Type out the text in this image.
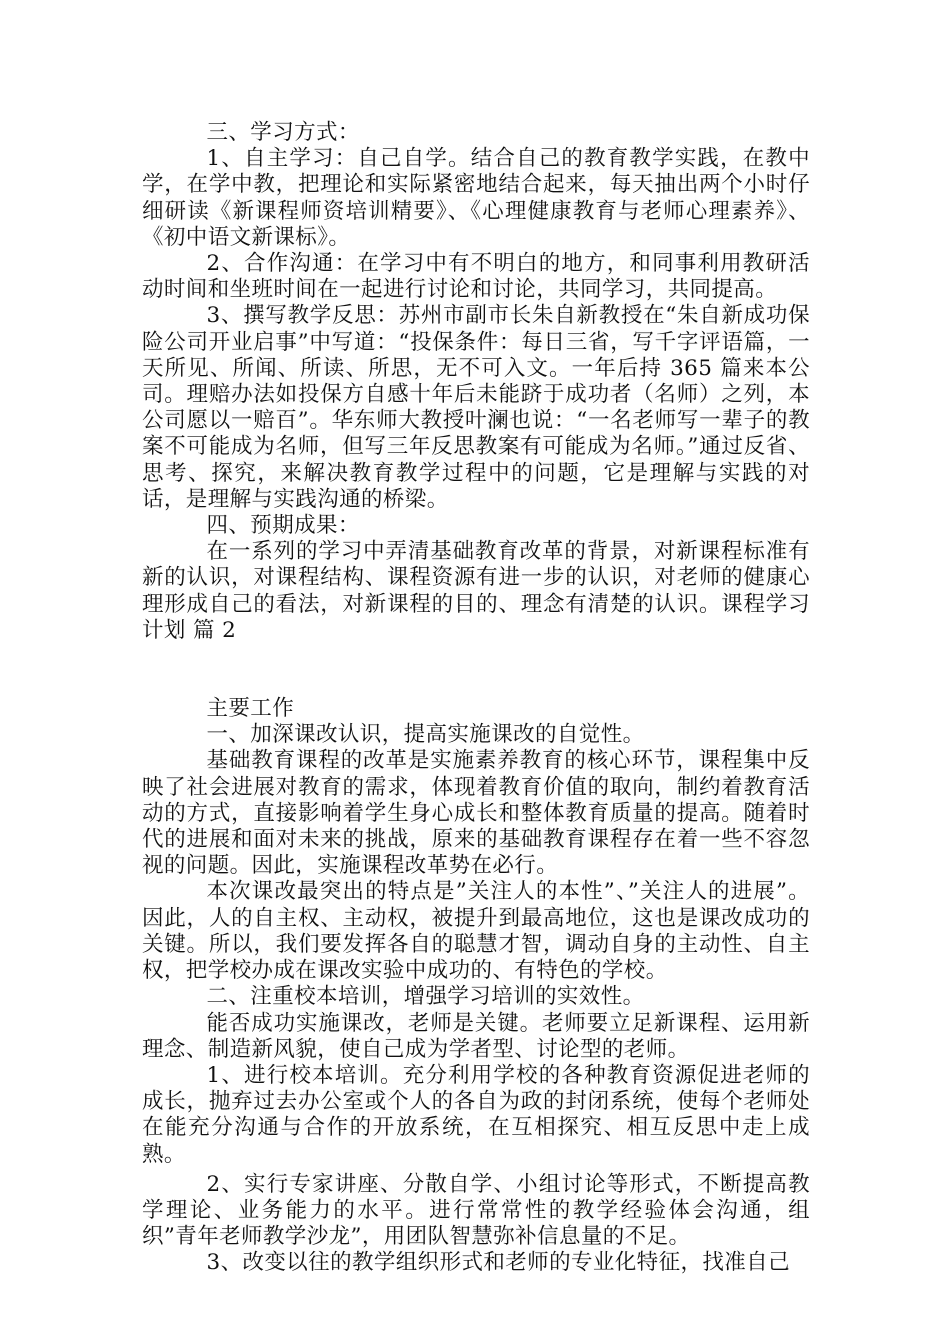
三、学习方式：

1、自主学习：自己自学。结合自己的教育教学实践，在教中学，在学中教，把理论和实际紧密地结合起来，每天抽出两个小时仔细研读《新课程师资培训精要》、《心理健康教育与老师心理素养》、《初中语文新课标》。

2、合作沟通：在学习中有不明白的地方，和同事利用教研活动时间和坐班时间在一起进行讨论和讨论，共同学习，共同提高。

3、撰写教学反思：苏州市副市长朱自新教授在“朱自新成功保险公司开业启事”中写道：“投保条件：每日三省，写千字评语篇，一天所见、所闻、所读、所思，无不可入文。一年后持 365 篇来本公司。理赔办法如投保方自感十年后未能跻于成功者（名师）之列，本公司愿以一赔百”。华东师大教授叶澜也说：“一名老师写一辈子的教案不可能成为名师，但写三年反思教案有可能成为名师。”通过反省、思考、探究，来解决教育教学过程中的问题，它是理解与实践的对话，是理解与实践沟通的桥梁。

四、预期成果：

在一系列的学习中弄清基础教育改革的背景，对新课程标准有新的认识，对课程结构、课程资源有进一步的认识，对老师的健康心理形成自己的看法，对新课程的目的、理念有清楚的认识。课程学习计划 篇 2

主要工作

一、加深课改认识，提高实施课改的自觉性。

基础教育课程的改革是实施素养教育的核心环节，课程集中反映了社会进展对教育的需求，体现着教育价值的取向，制约着教育活动的方式，直接影响着学生身心成长和整体教育质量的提高。随着时代的进展和面对未来的挑战，原来的基础教育课程存在着一些不容忽视的问题。因此，实施课程改革势在必行。

本次课改最突出的特点是”关注人的本性”、”关注人的进展”。因此，人的自主权、主动权，被提升到最高地位，这也是课改成功的关键。所以，我们要发挥各自的聪慧才智，调动自身的主动性、自主权，把学校办成在课改实验中成功的、有特色的学校。

二、注重校本培训，增强学习培训的实效性。

能否成功实施课改，老师是关键。老师要立足新课程、运用新理念、制造新风貌，使自己成为学者型、讨论型的老师。

1、进行校本培训。充分利用学校的各种教育资源促进老师的成长，抛弃过去办公室或个人的各自为政的封闭系统，使每个老师处在能充分沟通与合作的开放系统，在互相探究、相互反思中走上成熟。

2、实行专家讲座、分散自学、小组讨论等形式，不断提高教学理论、业务能力的水平。进行常常性的教学经验体会沟通，组织”青年老师教学沙龙”，用团队智慧弥补信息量的不足。

3、改变以往的教学组织形式和老师的专业化特征，找准自己
